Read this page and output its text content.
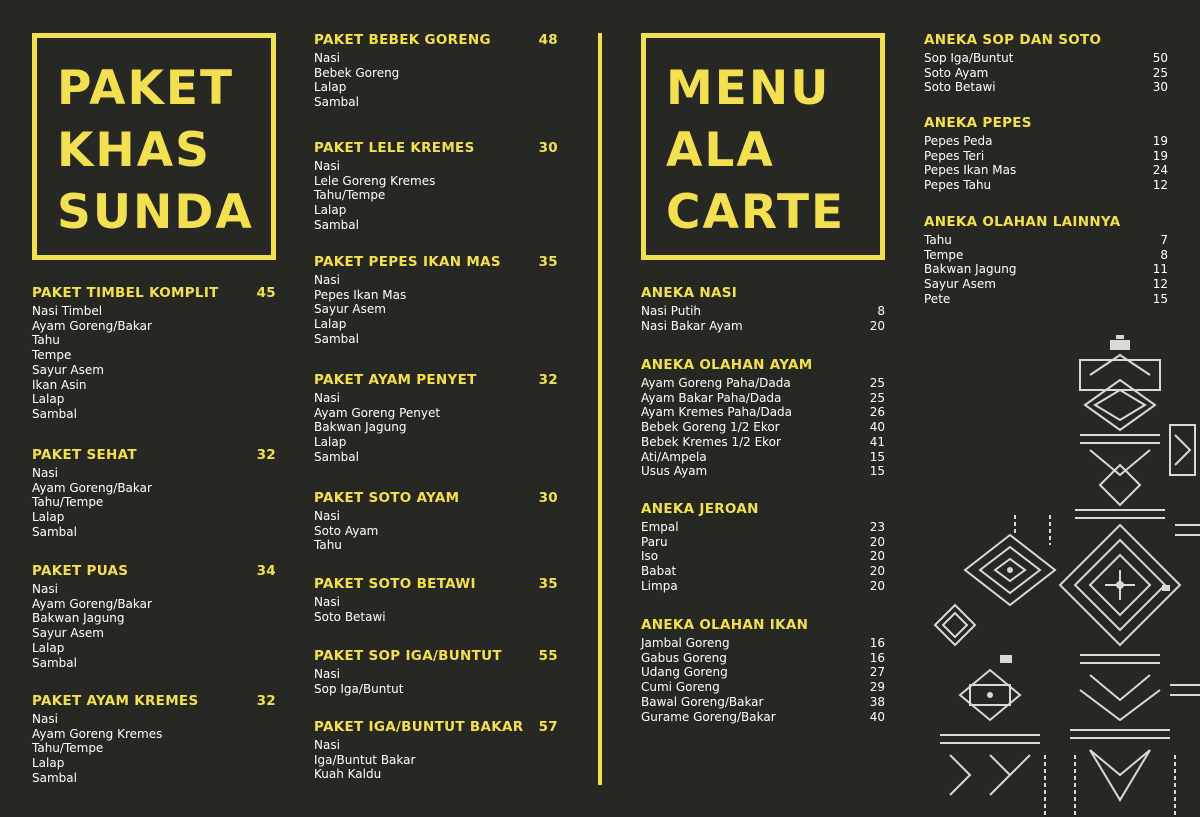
PAKET
KHAS
SUNDA
MENU
ALA
CARTE
PAKET TIMBEL KOMPLIT	45
Nasi Timbel
Ayam Goreng/Bakar
Tahu
Tempe
Sayur Asem
Ikan Asin
Lalap
Sambal
PAKET SEHAT	32
Nasi
Ayam Goreng/Bakar
Tahu/Tempe
Lalap
Sambal
PAKET PUAS	34
Nasi
Ayam Goreng/Bakar
Bakwan Jagung
Sayur Asem
Lalap
Sambal
PAKET AYAM KREMES	32
Nasi
Ayam Goreng Kremes
Tahu/Tempe
Lalap
Sambal
PAKET BEBEK GORENG	48
Nasi
Bebek Goreng
Lalap
Sambal
PAKET LELE KREMES	30
Nasi
Lele Goreng Kremes
Tahu/Tempe
Lalap
Sambal
PAKET PEPES IKAN MAS	35
Nasi
Pepes Ikan Mas
Sayur Asem
Lalap
Sambal
PAKET AYAM PENYET	32
Nasi
Ayam Goreng Penyet
Bakwan Jagung
Lalap
Sambal
PAKET SOTO AYAM	30
Nasi
Soto Ayam
Tahu
PAKET SOTO BETAWI	35
Nasi
Soto Betawi
PAKET SOP IGA/BUNTUT	55
Nasi
Sop Iga/Buntut
PAKET IGA/BUNTUT BAKAR 57
Nasi
Iga/Buntut Bakar
Kuah Kaldu
ANEKA NASI
Nasi Putih	8
Nasi Bakar Ayam	20
ANEKA OLAHAN AYAM
Ayam Goreng Paha/Dada	25
Ayam Bakar Paha/Dada	25
Ayam Kremes Paha/Dada	26
Bebek Goreng 1/2 Ekor	40
Bebek Kremes 1/2 Ekor	41
Ati/Ampela	15
Usus Ayam	15
ANEKA JEROAN
Empal	23
Paru	20
Iso	20
Babat	20
Limpa	20
ANEKA OLAHAN IKAN
Jambal Goreng	16
Gabus Goreng	16
Udang Goreng	27
Cumi Goreng	29
Bawal Goreng/Bakar	38
Gurame Goreng/Bakar	40
ANEKA SOP DAN SOTO
Sop Iga/Buntut	50
Soto Ayam	25
Soto Betawi	30
ANEKA PEPES
Pepes Peda	19
Pepes Teri	19
Pepes Ikan Mas	24
Pepes Tahu	12
ANEKA OLAHAN LAINNYA
Tahu	7
Tempe	8
Bakwan Jagung	11
Sayur Asem	12
Pete	15
